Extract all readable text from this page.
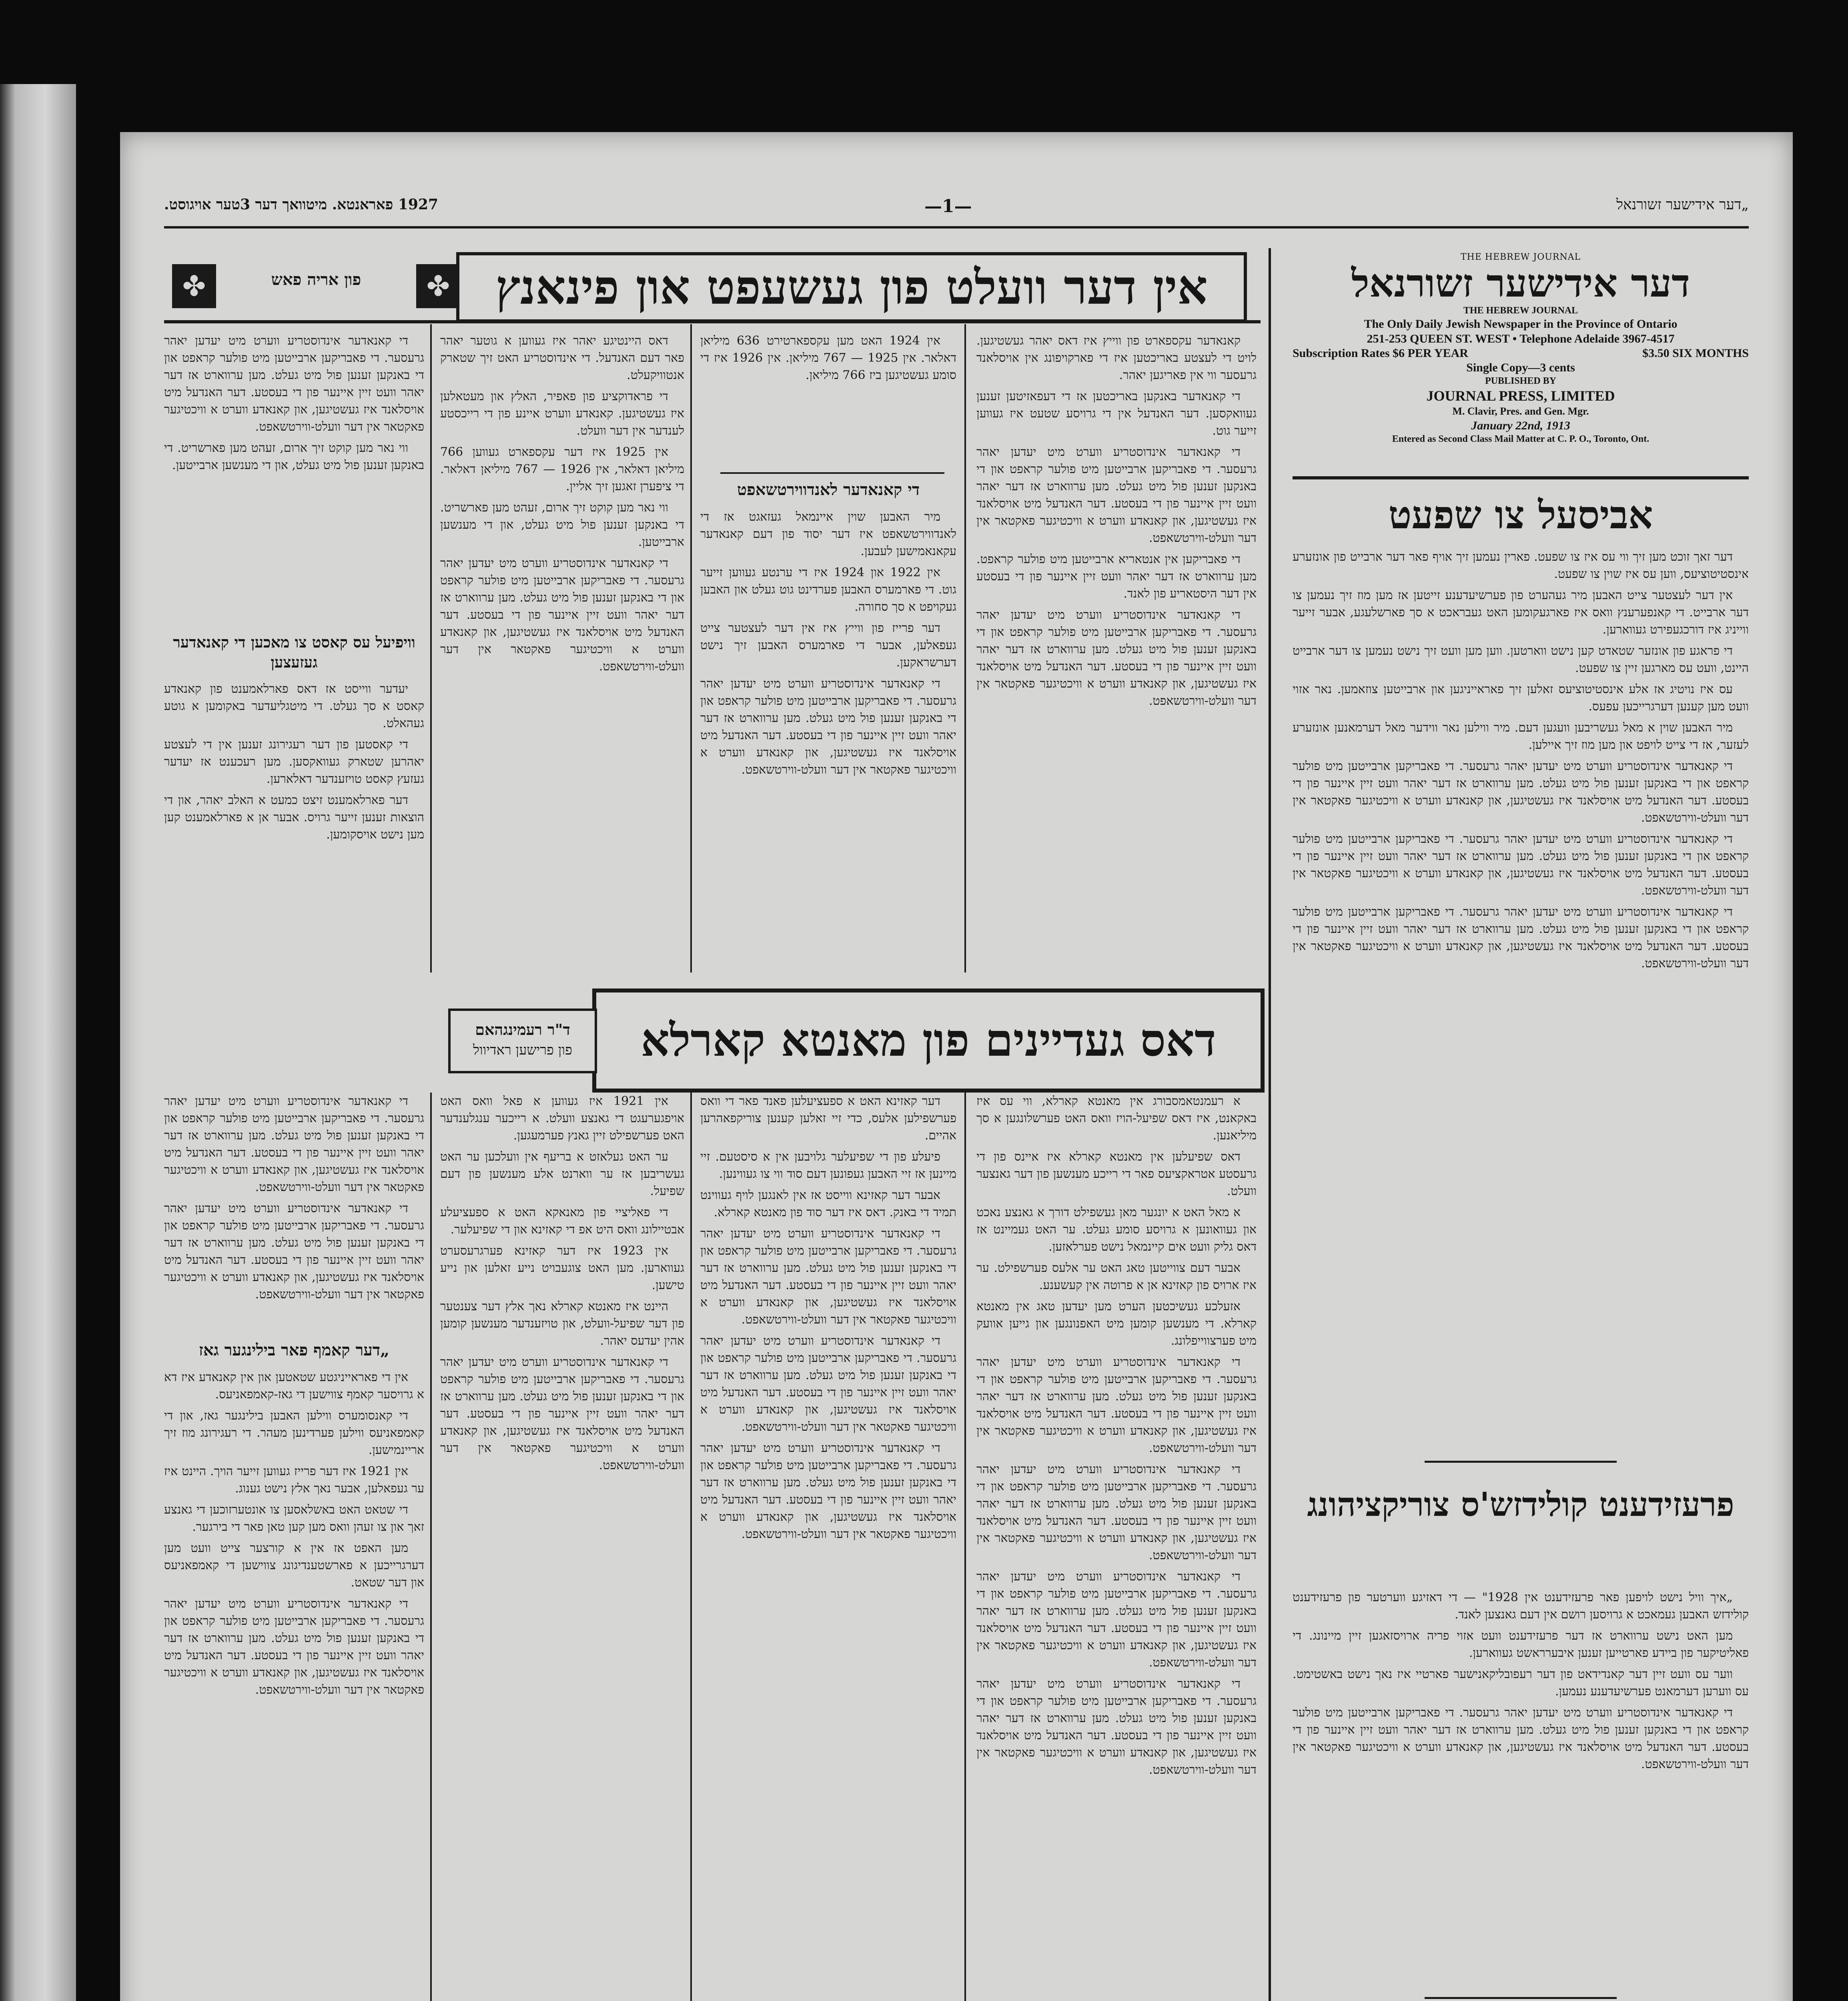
1927 פאראנטא. מיטוואך דער 3טער אויגוסט.	—1—	„דער אידישער זשורנאל
THE HEBREW JOURNAL
דער אידישער זשורנאל
THE HEBREW JOURNAL
The Only Daily Jewish Newspaper in the Province of Ontario
251-253 QUEEN ST. WEST • Telephone Adelaide 3967-4517
Subscription Rates $6 PER YEAR	$3.50 SIX MONTHS
Single Copy—3 cents
PUBLISHED BY
JOURNAL PRESS, LIMITED
M. Clavir, Pres. and Gen. Mgr.
January 22nd, 1913
Entered as Second Class Mail Matter at C. P. O., Toronto, Ont.
✤	פון אריה פאש	✤ אין דער וועלט פון געשעפט און פינאנץ
אביסעל צו שפעט

דער זאך זוכט מען זיך ווי עס איז צו שפעט. פארין נעמען זיך אויף פאר דער ארבייט פון אונזערע אינסטיטוציעס, ווען עס איז שוין צו שפעט.

אין דער לעצטער צייט האבען מיר געהערט פון פערשיעדענע זייטען אז מען מוז זיך נעמען צו דער ארבייט. די קאנפערענץ וואס איז פארגעקומען האט געבראכט א סך פארשלעגע, אבער זייער ווייניג איז דורכגעפירט געווארען.

די פראגע פון אונזער שטאדט קען נישט ווארטען. ווען מען וועט זיך נישט נעמען צו דער ארבייט היינט, וועט עס מארגען זיין צו שפעט.

עס איז נויטיג אז אלע אינסטיטוציעס זאלען זיך פאראייניגען און ארבייטען צוזאמען. נאר אזוי וועט מען קענען דערגרייכען עפעס.

מיר האבען שוין א מאל געשריבען וועגען דעם. מיר ווילען נאר ווידער מאל דערמאנען אונזערע לעזער, אז די צייט לויפט און מען מוז זיך איילען.

די קאנאדער אינדוסטריע ווערט מיט יעדען יאהר גרעסער. די פאבריקען ארבייטען מיט פולער קראפט און די באנקען זענען פול מיט געלט. מען ערווארט אז דער יאהר וועט זיין איינער פון די בעסטע. דער האנדעל מיט אויסלאנד איז געשטיגען, און קאנאדע ווערט א וויכטיגער פאקטאר אין דער וועלט-ווירטשאפט.

די קאנאדער אינדוסטריע ווערט מיט יעדען יאהר גרעסער. די פאבריקען ארבייטען מיט פולער קראפט און די באנקען זענען פול מיט געלט. מען ערווארט אז דער יאהר וועט זיין איינער פון די בעסטע. דער האנדעל מיט אויסלאנד איז געשטיגען, און קאנאדע ווערט א וויכטיגער פאקטאר אין דער וועלט-ווירטשאפט.

די קאנאדער אינדוסטריע ווערט מיט יעדען יאהר גרעסער. די פאבריקען ארבייטען מיט פולער קראפט און די באנקען זענען פול מיט געלט. מען ערווארט אז דער יאהר וועט זיין איינער פון די בעסטע. דער האנדעל מיט אויסלאנד איז געשטיגען, און קאנאדע ווערט א וויכטיגער פאקטאר אין דער וועלט-ווירטשאפט.

פרעזידענט קולידזש'ס צוריקציהונג

„איך וויל נישט לויפען פאר פרעזידענט אין 1928" — די דאזיגע ווערטער פון פרעזידענט קולידזש האבען געמאכט א גרויסען רושם אין דעם גאנצען לאנד.

מען האט נישט ערווארט אז דער פרעזידענט וועט אזוי פריה ארויסזאגען זיין מיינונג. די פאליטיקער פון ביידע פארטייען זענען איבערראשט געווארען.

ווער עס וועט זיין דער קאנדידאט פון דער רעפובליקאנישער פארטיי איז נאך נישט באשטימט. עס ווערען דערמאנט פערשיעדענע נעמען.

די קאנאדער אינדוסטריע ווערט מיט יעדען יאהר גרעסער. די פאבריקען ארבייטען מיט פולער קראפט און די באנקען זענען פול מיט געלט. מען ערווארט אז דער יאהר וועט זיין איינער פון די בעסטע. דער האנדעל מיט אויסלאנד איז געשטיגען, און קאנאדע ווערט א וויכטיגער פאקטאר אין דער וועלט-ווירטשאפט.

קאנאדער עקספארט פון ווייץ איז דאס יאהר געשטיגען. לויט די לעצטע באריכטען איז די פארקויפונג אין אויסלאנד גרעסער ווי אין פאריגען יאהר.

די קאנאדער באנקען באריכטען אז די דעפאזיטען זענען געוואקסען. דער האנדעל אין די גרויסע שטעט איז געווען זייער גוט.

די קאנאדער אינדוסטריע ווערט מיט יעדען יאהר גרעסער. די פאבריקען ארבייטען מיט פולער קראפט און די באנקען זענען פול מיט געלט. מען ערווארט אז דער יאהר וועט זיין איינער פון די בעסטע. דער האנדעל מיט אויסלאנד איז געשטיגען, און קאנאדע ווערט א וויכטיגער פאקטאר אין דער וועלט-ווירטשאפט.

די פאבריקען אין אנטאריא ארבייטען מיט פולער קראפט. מען ערווארט אז דער יאהר וועט זיין איינער פון די בעסטע אין דער היסטאריע פון לאנד.

די קאנאדער אינדוסטריע ווערט מיט יעדען יאהר גרעסער. די פאבריקען ארבייטען מיט פולער קראפט און די באנקען זענען פול מיט געלט. מען ערווארט אז דער יאהר וועט זיין איינער פון די בעסטע. דער האנדעל מיט אויסלאנד איז געשטיגען, און קאנאדע ווערט א וויכטיגער פאקטאר אין דער וועלט-ווירטשאפט.

אין 1924 האט מען עקספארטירט 636 מיליאן דאלאר. אין 1925 — 767 מיליאן. אין 1926 איז די סומע געשטיגען ביז 766 מיליאן.

די קאנאדער לאנדווירטשאפט

מיר האבען שוין איינמאל געזאגט אז די לאנדווירטשאפט איז דער יסוד פון דעם קאנאדער עקאנאמישען לעבען.

אין 1922 און 1924 איז די ערנטע געווען זייער גוט. די פארמערס האבען פערדינט גוט געלט און האבען געקויפט א סך סחורה.

דער פרייז פון ווייץ איז אין דער לעצטער צייט געפאלען, אבער די פארמערס האבען זיך נישט דערשראקען.

די קאנאדער אינדוסטריע ווערט מיט יעדען יאהר גרעסער. די פאבריקען ארבייטען מיט פולער קראפט און די באנקען זענען פול מיט געלט. מען ערווארט אז דער יאהר וועט זיין איינער פון די בעסטע. דער האנדעל מיט אויסלאנד איז געשטיגען, און קאנאדע ווערט א וויכטיגער פאקטאר אין דער וועלט-ווירטשאפט.

דאס היינטיגע יאהר איז געווען א גוטער יאהר פאר דעם האנדעל. די אינדוסטריע האט זיך שטארק אנטוויקעלט.

די פראדוקציע פון פאפיר, האלץ און מעטאלען איז געשטיגען. קאנאדע ווערט איינע פון די רייכסטע לענדער אין דער וועלט.

אין 1925 איז דער עקספארט געווען 766 מיליאן דאלאר, אין 1926 — 767 מיליאן דאלאר. די ציפערן זאגען זיך אליין.

ווי נאר מען קוקט זיך ארום, זעהט מען פארשריט. די באנקען זענען פול מיט געלט, און די מענשען ארבייטען.

די קאנאדער אינדוסטריע ווערט מיט יעדען יאהר גרעסער. די פאבריקען ארבייטען מיט פולער קראפט און די באנקען זענען פול מיט געלט. מען ערווארט אז דער יאהר וועט זיין איינער פון די בעסטע. דער האנדעל מיט אויסלאנד איז געשטיגען, און קאנאדע ווערט א וויכטיגער פאקטאר אין דער וועלט-ווירטשאפט.

די קאנאדער אינדוסטריע ווערט מיט יעדען יאהר גרעסער. די פאבריקען ארבייטען מיט פולער קראפט און די באנקען זענען פול מיט געלט. מען ערווארט אז דער יאהר וועט זיין איינער פון די בעסטע. דער האנדעל מיט אויסלאנד איז געשטיגען, און קאנאדע ווערט א וויכטיגער פאקטאר אין דער וועלט-ווירטשאפט.

ווי נאר מען קוקט זיך ארום, זעהט מען פארשריט. די באנקען זענען פול מיט געלט, און די מענשען ארבייטען.

וויפיעל עס קאסט צו מאכען די קאנאדער געזעצען

יעדער ווייסט אז דאס פארלאמענט פון קאנאדע קאסט א סך געלט. די מיטגליעדער באקומען א גוטע געהאלט.

די קאסטען פון דער רעגירונג זענען אין די לעצטע יאהרען שטארק געוואקסען. מען רעכענט אז יעדער געזעץ קאסט טויזענדער דאלארען.

דער פארלאמענט זיצט כמעט א האלב יאהר, און די הוצאות זענען זייער גרויס. אבער אן א פארלאמענט קען מען נישט אויסקומען.

דאס געדיינים פון מאנטא קארלא
ד"ר רעמינגהאם
פון פרישען ראדיוול

א רעמנטאמסבורג אין מאנטא קארלא, ווי עס איז באקאנט, איז דאס שפיעל-הויז וואס האט פערשלונגען א סך מיליאנען.

דאס שפיעלען אין מאנטא קארלא איז איינס פון די גרעסטע אטראקציעס פאר די רייכע מענשען פון דער גאנצער וועלט.

א מאל האט א יונגער מאן געשפילט דורך א גאנצע נאכט און געוואונען א גרויסע סומע געלט. ער האט געמיינט אז דאס גליק וועט אים קיינמאל נישט פערלאזען.

אבער דעם צווייטען טאג האט ער אלעס פערשפילט. ער איז ארויס פון קאזינא אן א פרוטה אין קעשענע.

אזעלכע געשיכטען הערט מען יעדען טאג אין מאנטא קארלא. די מענשען קומען מיט האפנונגען און גייען אוועק מיט פערצווייפלונג.

די קאנאדער אינדוסטריע ווערט מיט יעדען יאהר גרעסער. די פאבריקען ארבייטען מיט פולער קראפט און די באנקען זענען פול מיט געלט. מען ערווארט אז דער יאהר וועט זיין איינער פון די בעסטע. דער האנדעל מיט אויסלאנד איז געשטיגען, און קאנאדע ווערט א וויכטיגער פאקטאר אין דער וועלט-ווירטשאפט.

די קאנאדער אינדוסטריע ווערט מיט יעדען יאהר גרעסער. די פאבריקען ארבייטען מיט פולער קראפט און די באנקען זענען פול מיט געלט. מען ערווארט אז דער יאהר וועט זיין איינער פון די בעסטע. דער האנדעל מיט אויסלאנד איז געשטיגען, און קאנאדע ווערט א וויכטיגער פאקטאר אין דער וועלט-ווירטשאפט.

די קאנאדער אינדוסטריע ווערט מיט יעדען יאהר גרעסער. די פאבריקען ארבייטען מיט פולער קראפט און די באנקען זענען פול מיט געלט. מען ערווארט אז דער יאהר וועט זיין איינער פון די בעסטע. דער האנדעל מיט אויסלאנד איז געשטיגען, און קאנאדע ווערט א וויכטיגער פאקטאר אין דער וועלט-ווירטשאפט.

די קאנאדער אינדוסטריע ווערט מיט יעדען יאהר גרעסער. די פאבריקען ארבייטען מיט פולער קראפט און די באנקען זענען פול מיט געלט. מען ערווארט אז דער יאהר וועט זיין איינער פון די בעסטע. דער האנדעל מיט אויסלאנד איז געשטיגען, און קאנאדע ווערט א וויכטיגער פאקטאר אין דער וועלט-ווירטשאפט.

דער קאזינא האט א ספעציעלען פאנד פאר די וואס פערשפילען אלעס, כדי זיי זאלען קענען צוריקפאהרען אהיים.

פיעלע פון די שפיעלער גלויבען אין א סיסטעם. זיי מיינען אז זיי האבען געפונען דעם סוד ווי צו געווינען.

אבער דער קאזינא ווייסט אז אין לאנגען לויף געווינט תמיד די באנק. דאס איז דער סוד פון מאנטא קארלא.

די קאנאדער אינדוסטריע ווערט מיט יעדען יאהר גרעסער. די פאבריקען ארבייטען מיט פולער קראפט און די באנקען זענען פול מיט געלט. מען ערווארט אז דער יאהר וועט זיין איינער פון די בעסטע. דער האנדעל מיט אויסלאנד איז געשטיגען, און קאנאדע ווערט א וויכטיגער פאקטאר אין דער וועלט-ווירטשאפט.

די קאנאדער אינדוסטריע ווערט מיט יעדען יאהר גרעסער. די פאבריקען ארבייטען מיט פולער קראפט און די באנקען זענען פול מיט געלט. מען ערווארט אז דער יאהר וועט זיין איינער פון די בעסטע. דער האנדעל מיט אויסלאנד איז געשטיגען, און קאנאדע ווערט א וויכטיגער פאקטאר אין דער וועלט-ווירטשאפט.

די קאנאדער אינדוסטריע ווערט מיט יעדען יאהר גרעסער. די פאבריקען ארבייטען מיט פולער קראפט און די באנקען זענען פול מיט געלט. מען ערווארט אז דער יאהר וועט זיין איינער פון די בעסטע. דער האנדעל מיט אויסלאנד איז געשטיגען, און קאנאדע ווערט א וויכטיגער פאקטאר אין דער וועלט-ווירטשאפט.

אין 1921 איז געווען א פאל וואס האט אויפגערעגט די גאנצע וועלט. א רייכער ענגלענדער האט פערשפילט זיין גאנץ פערמעגען.

ער האט געלאזט א בריעף אין וועלכען ער האט געשריבען אז ער ווארנט אלע מענשען פון דעם שפיעל.

די פאליציי פון מאנאקא האט א ספעציעלע אבטיילונג וואס היט אפ די קאזינא און די שפיעלער.

אין 1923 איז דער קאזינא פערגרעסערט געווארען. מען האט צוגעבויט נייע זאלען און נייע טישען.

היינט איז מאנטא קארלא נאך אלץ דער צענטער פון דער שפיעל-וועלט, און טויזענדער מענשען קומען אהין יעדעס יאהר.

די קאנאדער אינדוסטריע ווערט מיט יעדען יאהר גרעסער. די פאבריקען ארבייטען מיט פולער קראפט און די באנקען זענען פול מיט געלט. מען ערווארט אז דער יאהר וועט זיין איינער פון די בעסטע. דער האנדעל מיט אויסלאנד איז געשטיגען, און קאנאדע ווערט א וויכטיגער פאקטאר אין דער וועלט-ווירטשאפט.

די קאנאדער אינדוסטריע ווערט מיט יעדען יאהר גרעסער. די פאבריקען ארבייטען מיט פולער קראפט און די באנקען זענען פול מיט געלט. מען ערווארט אז דער יאהר וועט זיין איינער פון די בעסטע. דער האנדעל מיט אויסלאנד איז געשטיגען, און קאנאדע ווערט א וויכטיגער פאקטאר אין דער וועלט-ווירטשאפט.

די קאנאדער אינדוסטריע ווערט מיט יעדען יאהר גרעסער. די פאבריקען ארבייטען מיט פולער קראפט און די באנקען זענען פול מיט געלט. מען ערווארט אז דער יאהר וועט זיין איינער פון די בעסטע. דער האנדעל מיט אויסלאנד איז געשטיגען, און קאנאדע ווערט א וויכטיגער פאקטאר אין דער וועלט-ווירטשאפט.

„דער קאמף פאר בילינגער גאז

אין די פאראייניגטע שטאטען און אין קאנאדע איז דא א גרויסער קאמף צווישען די גאז-קאמפאניעס.

די קאנסומערס ווילען האבען בילינגער גאז, און די קאמפאניעס ווילען פערדינען מעהר. די רעגירונג מוז זיך אריינמישען.

אין 1921 איז דער פרייז געווען זייער הויך. היינט איז ער געפאלען, אבער נאך אלץ נישט גענוג.

די שטאט האט באשלאסען צו אונטערזוכען די גאנצע זאך און צו זעהן וואס מען קען טאן פאר די בירגער.

מען האפט אז אין א קורצער צייט וועט מען דערגרייכען א פארשטענדיגונג צווישען די קאמפאניעס און דער שטאט.

די קאנאדער אינדוסטריע ווערט מיט יעדען יאהר גרעסער. די פאבריקען ארבייטען מיט פולער קראפט און די באנקען זענען פול מיט געלט. מען ערווארט אז דער יאהר וועט זיין איינער פון די בעסטע. דער האנדעל מיט אויסלאנד איז געשטיגען, און קאנאדע ווערט א וויכטיגער פאקטאר אין דער וועלט-ווירטשאפט.
